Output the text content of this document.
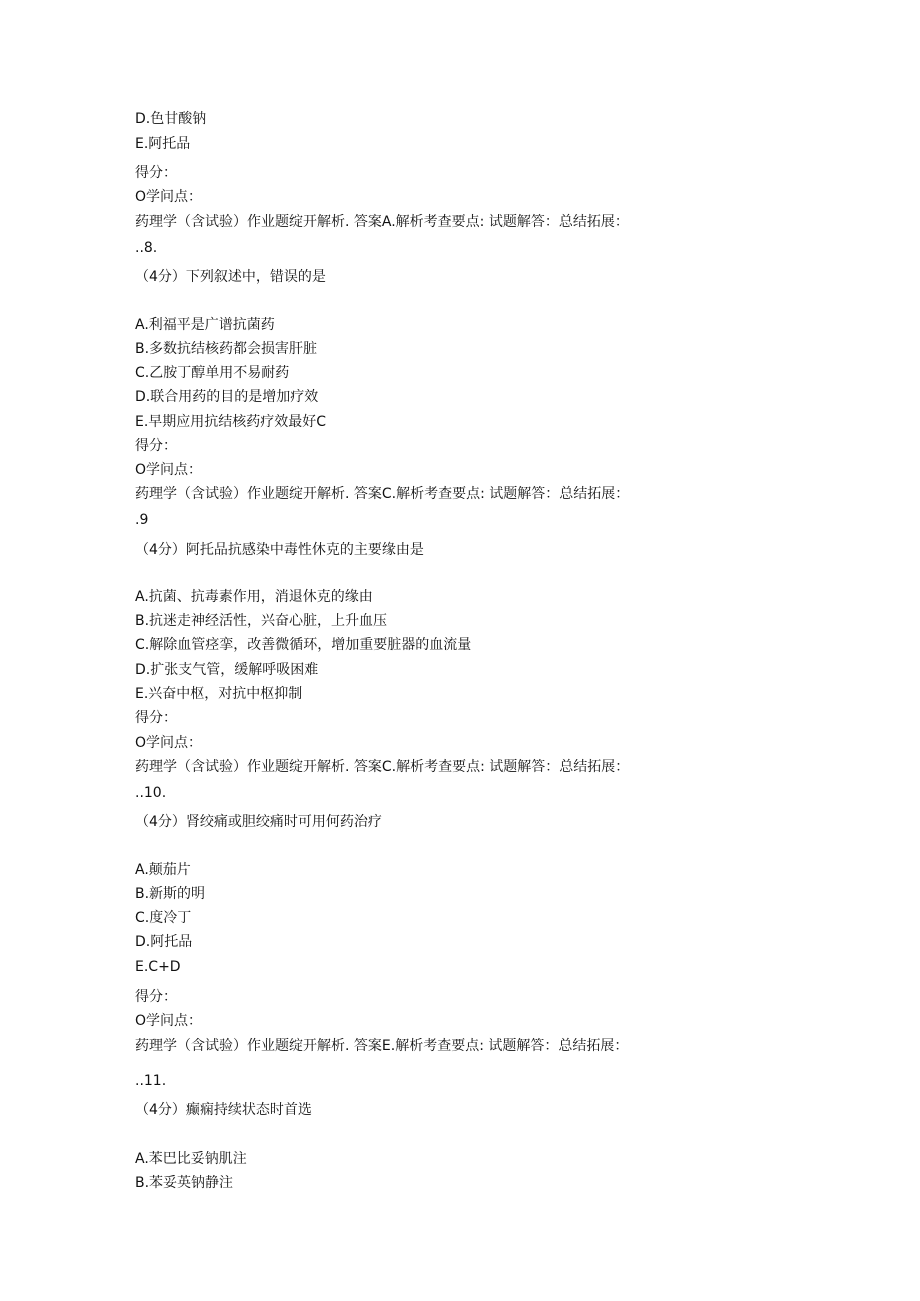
D.色甘酸钠
E.阿托品
得分：
O学问点：
药理学（含试验）作业题绽开解析. 答案A.解析考查要点: 试题解答：总结拓展：
..8.
（4分）下列叙述中，错误的是
A.利福平是广谱抗菌药
B.多数抗结核药都会损害肝脏
C.乙胺丁醇单用不易耐药
D.联合用药的目的是增加疗效
E.早期应用抗结核药疗效最好C
得分：
O学问点：
药理学（含试验）作业题绽开解析. 答案C.解析考查要点: 试题解答：总结拓展：
.9
（4分）阿托品抗感染中毒性休克的主要缘由是
A.抗菌、抗毒素作用，消退休克的缘由
B.抗迷走神经活性，兴奋心脏，上升血压
C.解除血管痉挛，改善微循环，增加重要脏器的血流量
D.扩张支气管，缓解呼吸困难
E.兴奋中枢，对抗中枢抑制
得分：
O学问点：
药理学（含试验）作业题绽开解析. 答案C.解析考查要点: 试题解答：总结拓展：
..10.
（4分）肾绞痛或胆绞痛时可用何药治疗
A.颠茄片
B.新斯的明
C.度冷丁
D.阿托品
E.C+D
得分：
O学问点：
药理学（含试验）作业题绽开解析. 答案E.解析考查要点: 试题解答：总结拓展：
..11.
（4分）癫痫持续状态时首选
A.苯巴比妥钠肌注
B.苯妥英钠静注
